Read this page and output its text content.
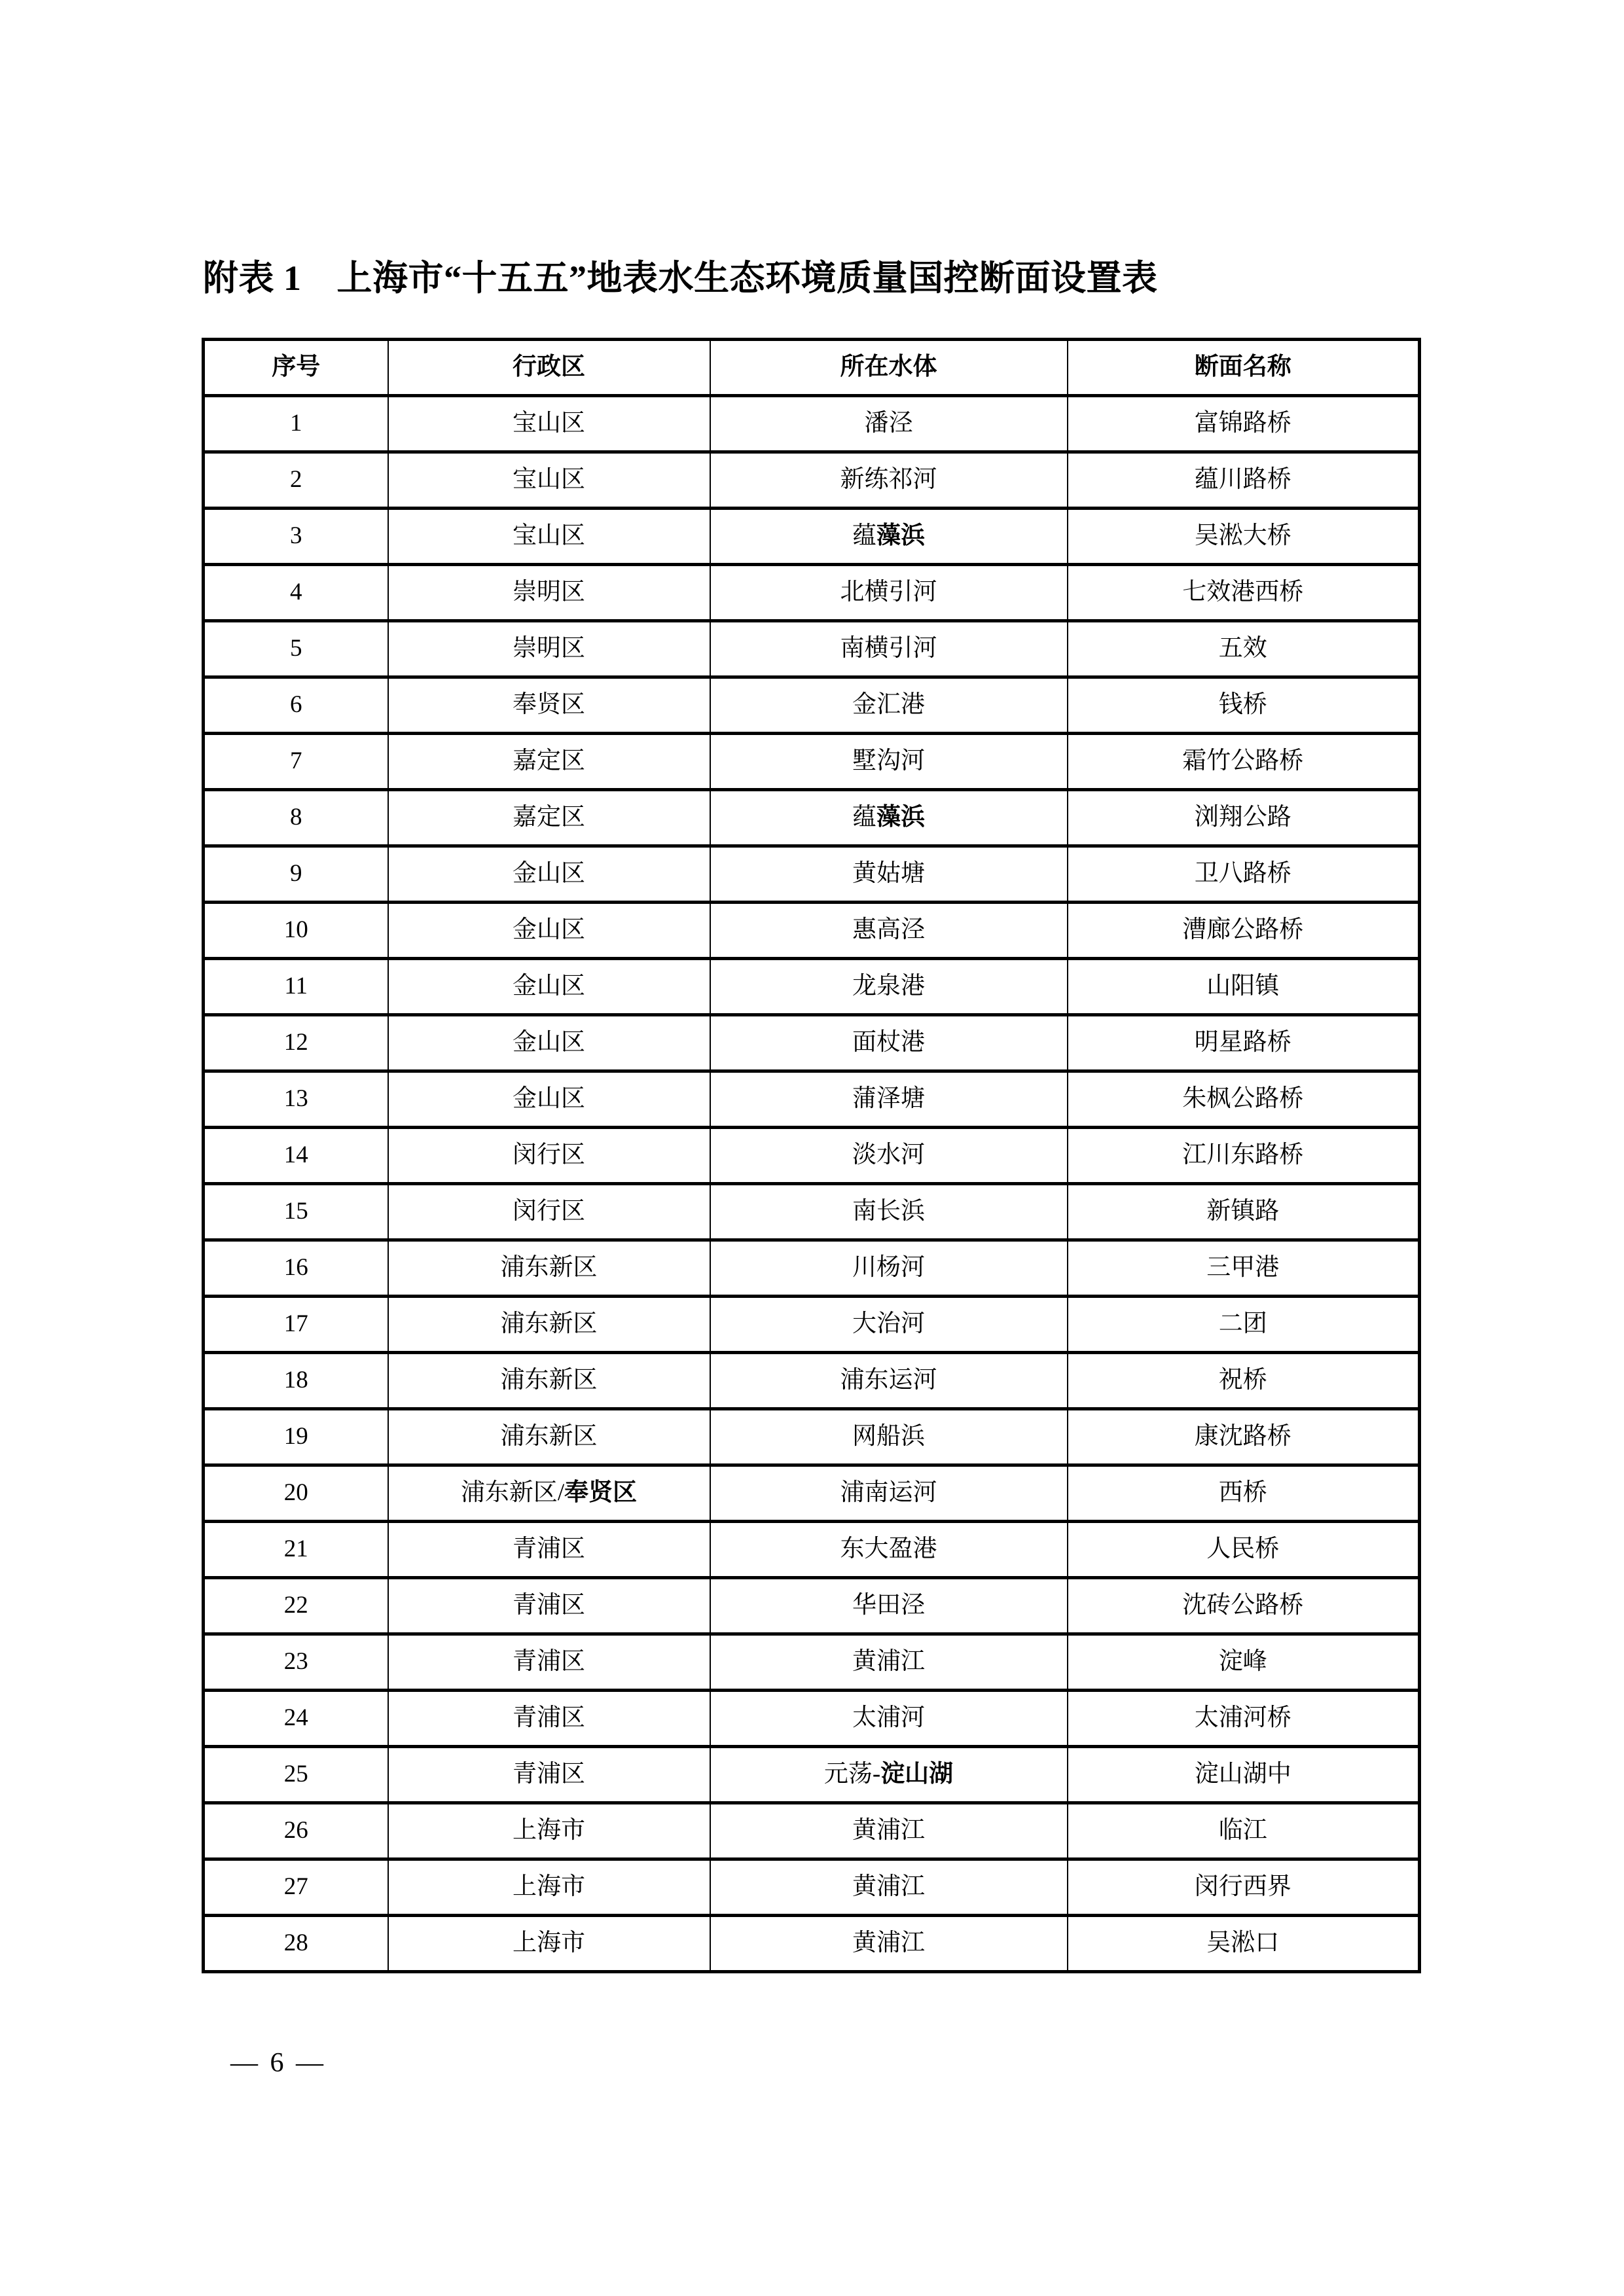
附表 1 上海市“十五五”地表水生态环境质量国控断面设置表
序号	行政区	所在水体	断面名称
1	宝山区	潘泾	富锦路桥
2	宝山区	新练祁河	蕴川路桥
3	宝山区	蕴藻浜	吴淞大桥
4	崇明区	北横引河	七效港西桥
5	崇明区	南横引河	五效
6	奉贤区	金汇港	钱桥
7	嘉定区	墅沟河	霜竹公路桥
8	嘉定区	蕴藻浜	浏翔公路
9	金山区	黄姑塘	卫八路桥
10	金山区	惠高泾	漕廊公路桥
11	金山区	龙泉港	山阳镇
12	金山区	面杖港	明星路桥
13	金山区	蒲泽塘	朱枫公路桥
14	闵行区	淡水河	江川东路桥
15	闵行区	南长浜	新镇路
16	浦东新区	川杨河	三甲港
17	浦东新区	大治河	二团
18	浦东新区	浦东运河	祝桥
19	浦东新区	网船浜	康沈路桥
20	浦东新区/奉贤区	浦南运河	西桥
21	青浦区	东大盈港	人民桥
22	青浦区	华田泾	沈砖公路桥
23	青浦区	黄浦江	淀峰
24	青浦区	太浦河	太浦河桥
25	青浦区	元荡-淀山湖	淀山湖中
26	上海市	黄浦江	临江
27	上海市	黄浦江	闵行西界
28	上海市	黄浦江	吴淞口
— 6 —
